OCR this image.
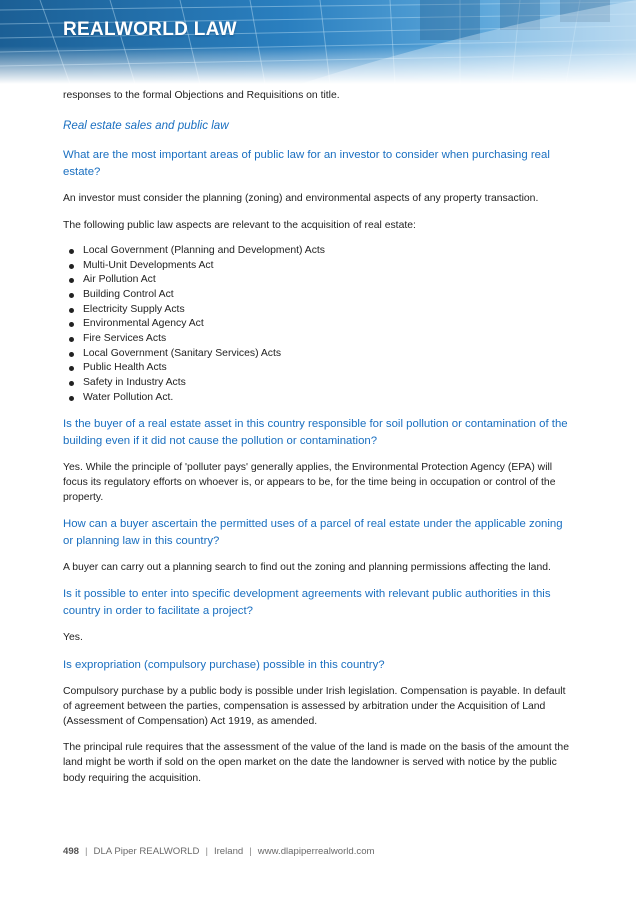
REALWORLD LAW

responses to the formal Objections and Requisitions on title.

Real estate sales and public law
What are the most important areas of public law for an investor to consider when purchasing real estate?

An investor must consider the planning (zoning) and environmental aspects of any property transaction.

The following public law aspects are relevant to the acquisition of real estate:

Local Government (Planning and Development) Acts
Multi-Unit Developments Act
Air Pollution Act
Building Control Act
Electricity Supply Acts
Environmental Agency Act
Fire Services Acts
Local Government (Sanitary Services) Acts
Public Health Acts
Safety in Industry Acts
Water Pollution Act.
Is the buyer of a real estate asset in this country responsible for soil pollution or contamination of the building even if it did not cause the pollution or contamination?

Yes. While the principle of 'polluter pays' generally applies, the Environmental Protection Agency (EPA) will focus its regulatory efforts on whoever is, or appears to be, for the time being in occupation or control of the property.

How can a buyer ascertain the permitted uses of a parcel of real estate under the applicable zoning or planning law in this country?

A buyer can carry out a planning search to find out the zoning and planning permissions affecting the land.

Is it possible to enter into specific development agreements with relevant public authorities in this country in order to facilitate a project?

Yes.

Is expropriation (compulsory purchase) possible in this country?

Compulsory purchase by a public body is possible under Irish legislation. Compensation is payable. In default of agreement between the parties, compensation is assessed by arbitration under the Acquisition of Land (Assessment of Compensation) Act 1919, as amended.

The principal rule requires that the assessment of the value of the land is made on the basis of the amount the land might be worth if sold on the open market on the date the landowner is served with notice by the public body requiring the acquisition.

498 | DLA Piper REALWORLD | Ireland | www.dlapiperrealworld.com
